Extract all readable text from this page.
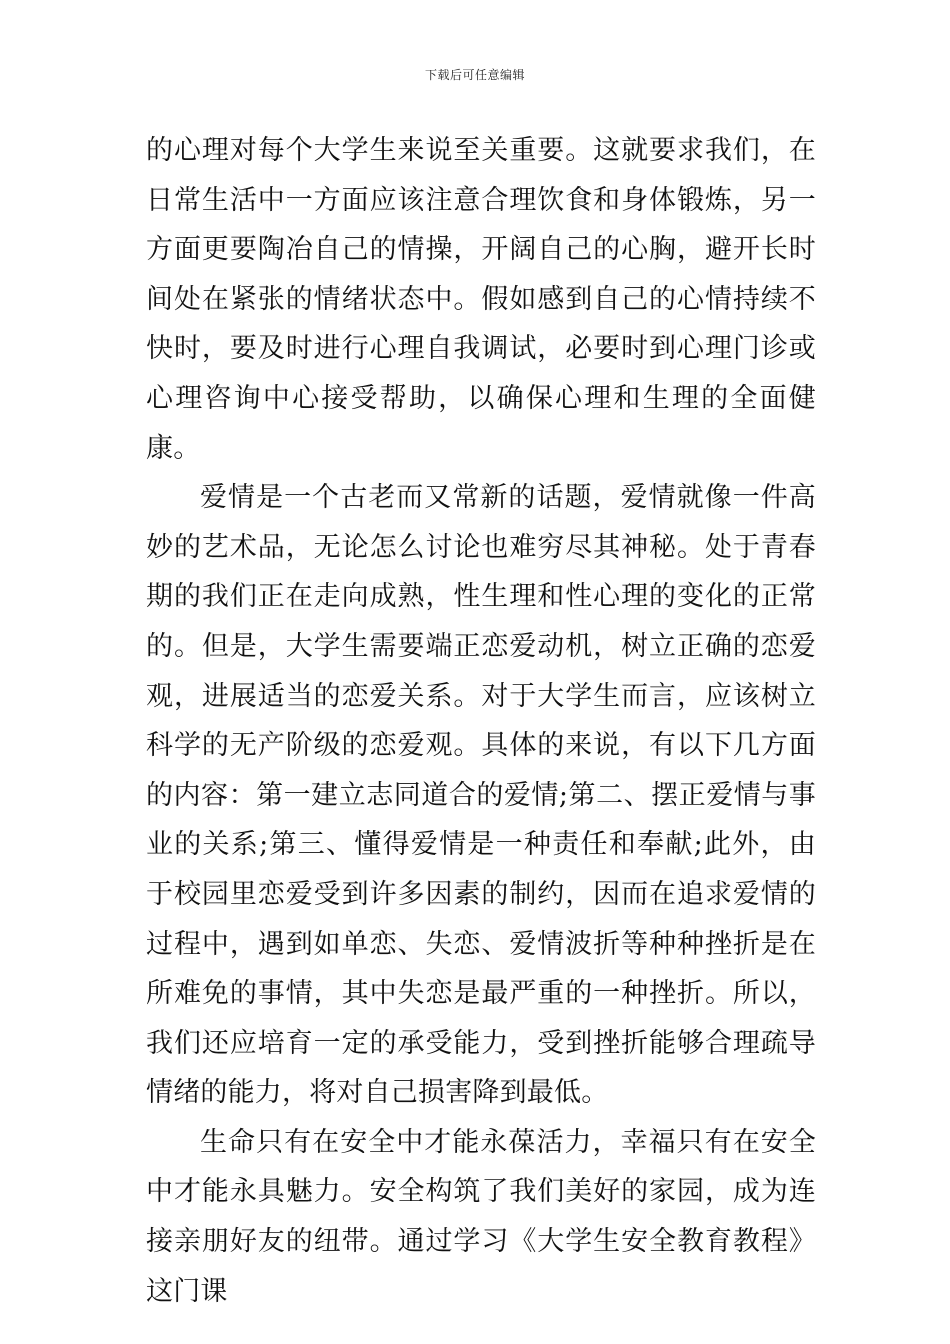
下载后可任意编辑

的心理对每个大学生来说至关重要。这就要求我们，在日常生活中一方面应该注意合理饮食和身体锻炼，另一方面更要陶冶自己的情操，开阔自己的心胸，避开长时间处在紧张的情绪状态中。假如感到自己的心情持续不快时，要及时进行心理自我调试，必要时到心理门诊或心理咨询中心接受帮助，以确保心理和生理的全面健康。

爱情是一个古老而又常新的话题，爱情就像一件高妙的艺术品，无论怎么讨论也难穷尽其神秘。处于青春期的我们正在走向成熟，性生理和性心理的变化的正常的。但是，大学生需要端正恋爱动机，树立正确的恋爱观，进展适当的恋爱关系。对于大学生而言，应该树立科学的无产阶级的恋爱观。具体的来说，有以下几方面的内容：第一建立志同道合的爱情;第二、摆正爱情与事业的关系;第三、懂得爱情是一种责任和奉献;此外，由于校园里恋爱受到许多因素的制约，因而在追求爱情的过程中，遇到如单恋、失恋、爱情波折等种种挫折是在所难免的事情，其中失恋是最严重的一种挫折。所以，我们还应培育一定的承受能力，受到挫折能够合理疏导情绪的能力，将对自己损害降到最低。

生命只有在安全中才能永葆活力，幸福只有在安全中才能永具魅力。安全构筑了我们美好的家园，成为连接亲朋好友的纽带。通过学习《大学生安全教育教程》这门课
